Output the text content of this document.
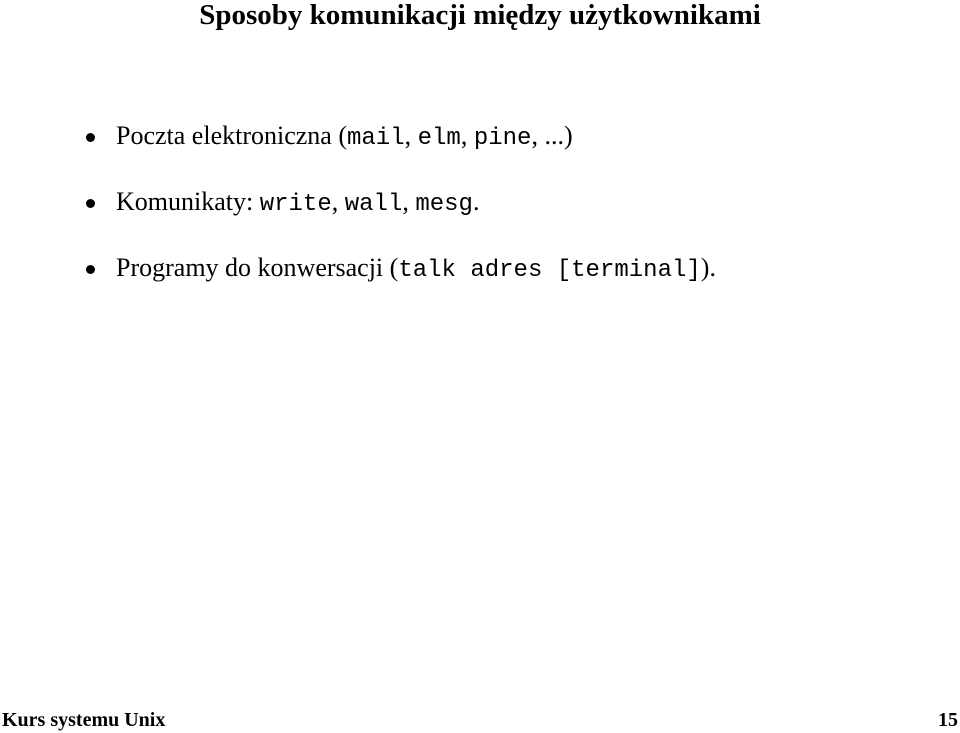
Sposoby komunikacji między użytkownikami
Poczta elektroniczna (mail, elm, pine, ...)
Komunikaty: write, wall, mesg.
Programy do konwersacji (talk adres [terminal]).
Kurs systemu Unix	15
